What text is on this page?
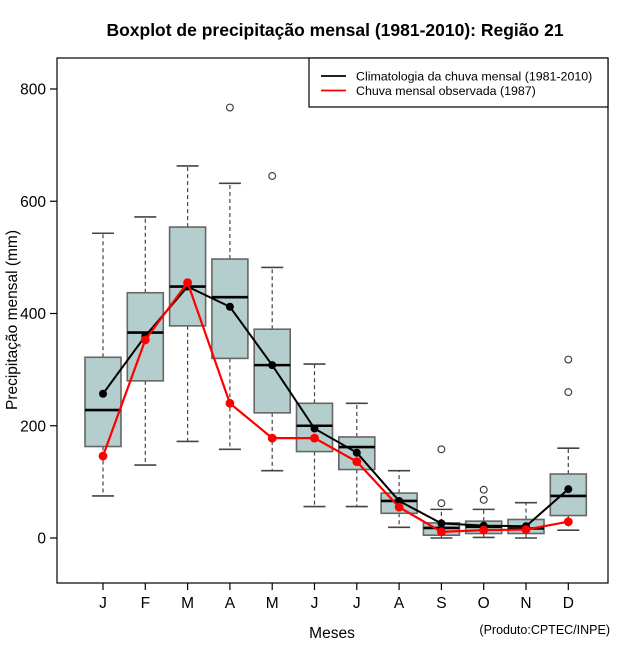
Boxplot de precipitação mensal (1981-2010): Região 21
0
200
400
600
800
J F M A M J J A S O N D
Precipitação mensal (mm)
Meses	(Produto:CPTEC/INPE)
Climatologia da chuva mensal (1981-2010)
Chuva mensal observada (1987)
